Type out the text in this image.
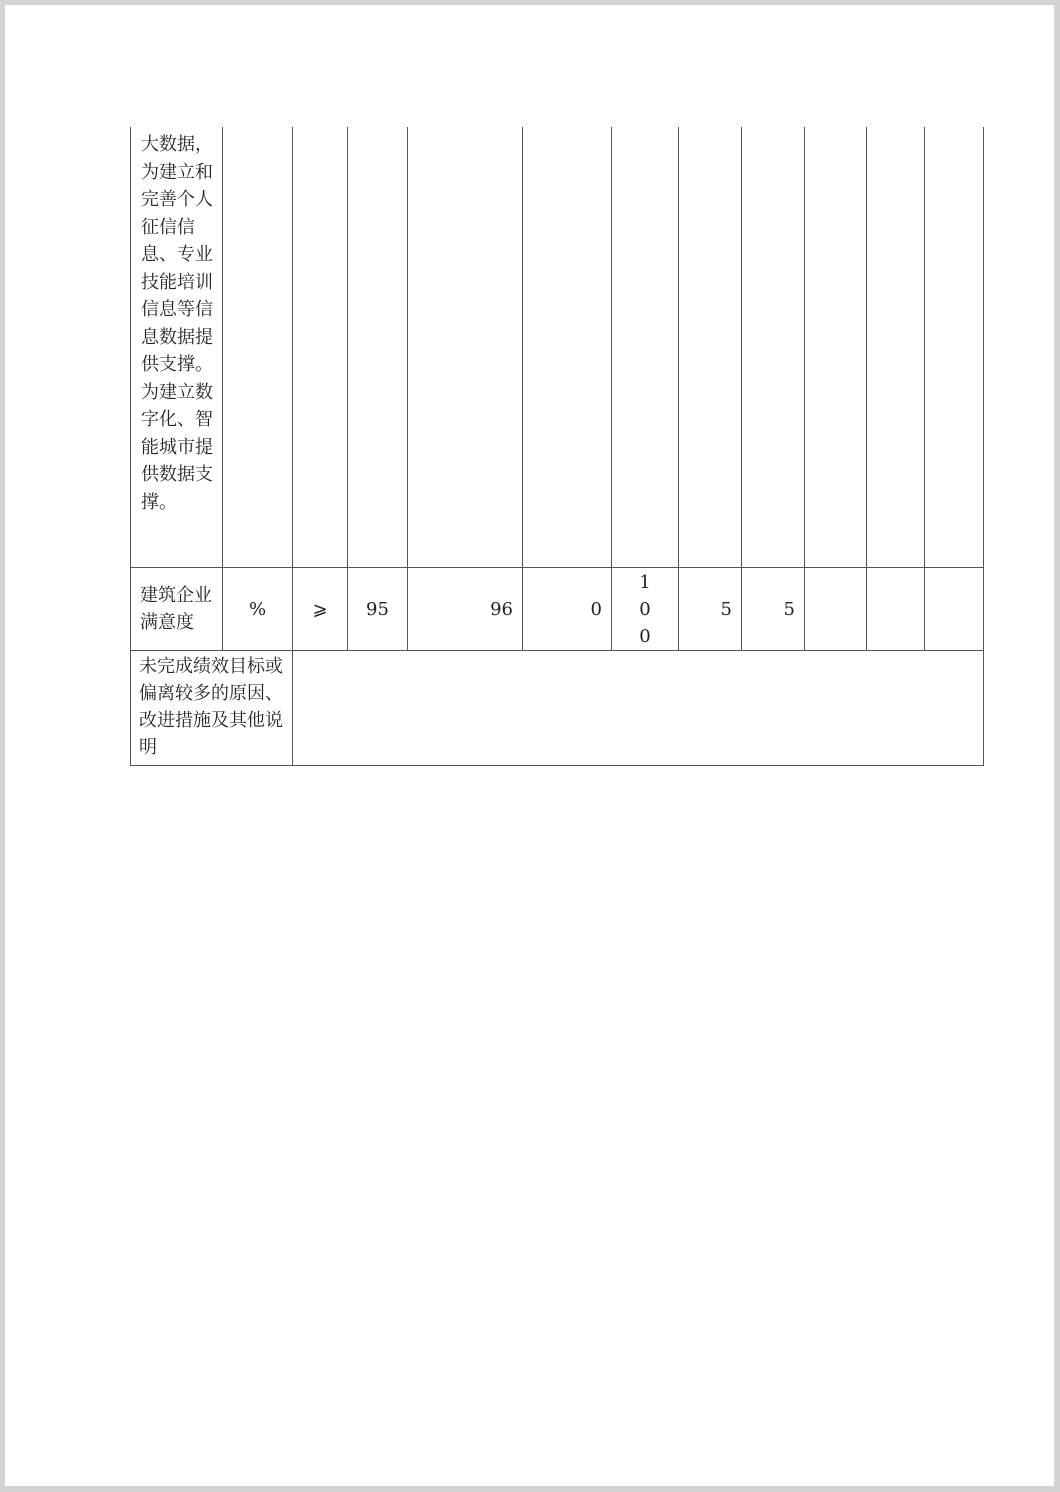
大数据，为建立和完善个人征信信息、专业技能培训信息等信息数据提供支撑。为建立数字化、智能城市提供数据支撑。
建筑企业满意度	%	⩾	95	96	0	100	5	5			
未完成绩效目标或偏离较多的原因、改进措施及其他说明											
